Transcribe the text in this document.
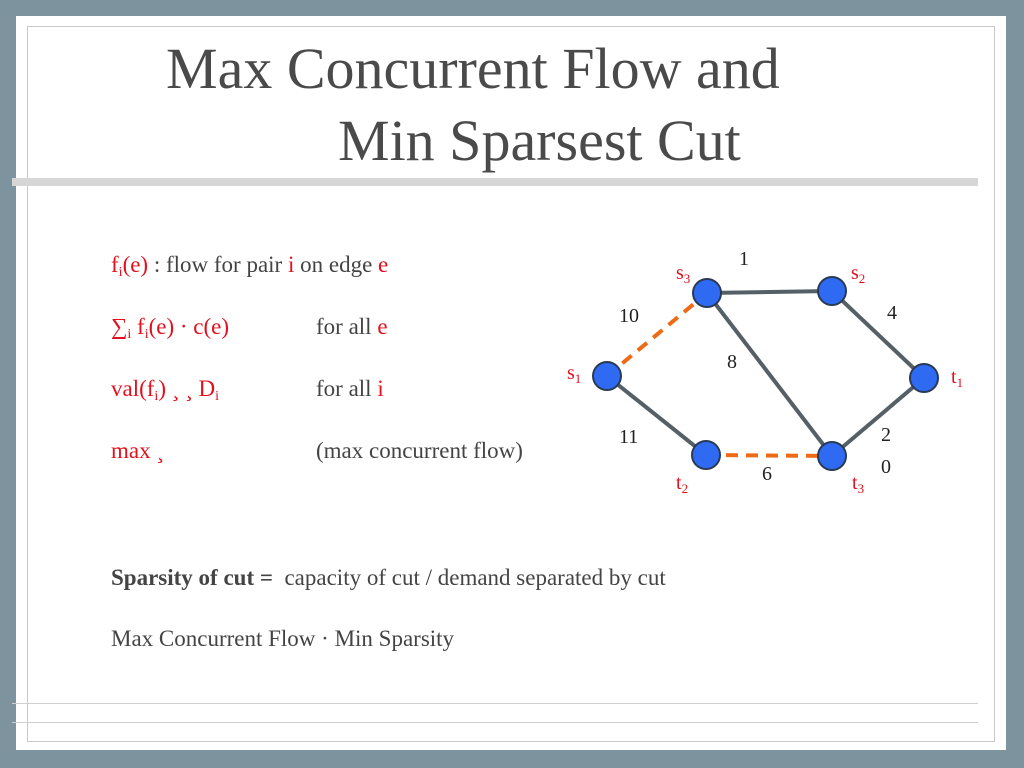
Max Concurrent Flow and
Min Sparsest Cut
$f_i(e)$ : flow for pair i on edge e
$\sum_i$ $f_i(e) \cdot c(e)$	for all e
$val(f_i)$ ¸ ¸ $D_i$	for all i
max ¸	(max concurrent flow)
$s_3$	$s_2$
$s_1$	$t_1$
$t_2$	$t_3$
1
4
10
8
11
6
2
0
Sparsity of cut = capacity of cut / demand separated by cut
Max Concurrent Flow · Min Sparsity
